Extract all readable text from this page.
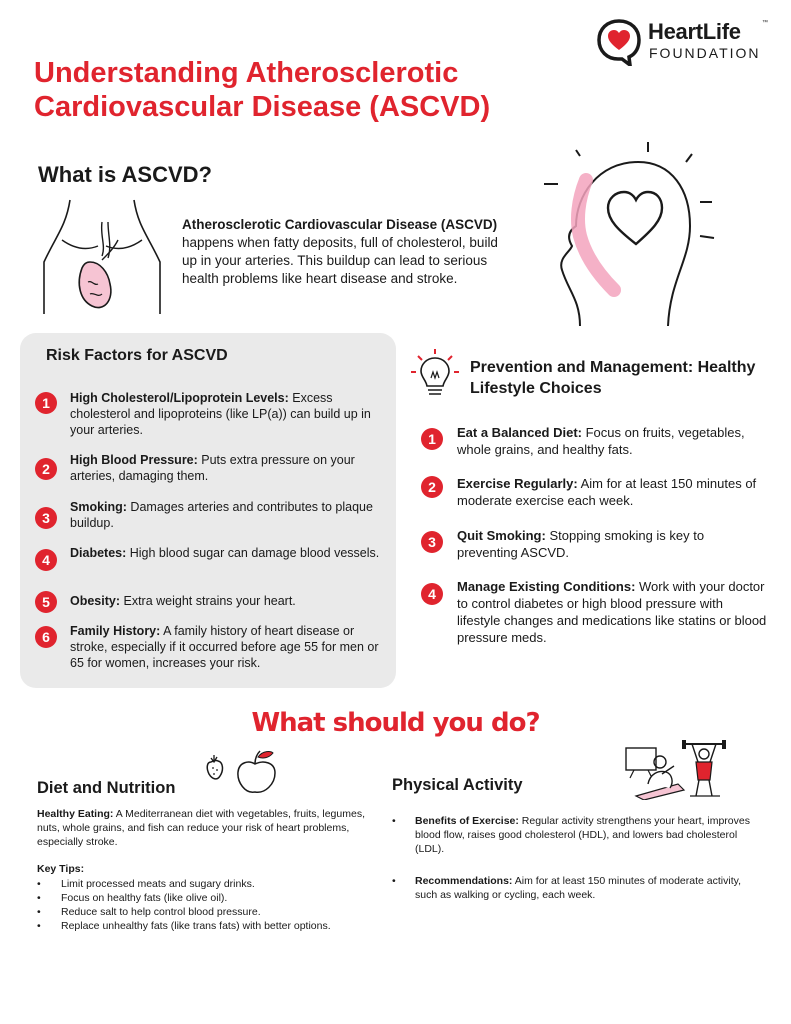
HeartLife	™
FOUNDATION
Understanding Atherosclerotic Cardiovascular Disease (ASCVD)
What is ASCVD?

Atherosclerotic Cardiovascular Disease (ASCVD) happens when fatty deposits, full of cholesterol, build up in your arteries. This buildup can lead to serious health problems like heart disease and stroke.

Risk Factors for ASCVD
1	High Cholesterol/Lipoprotein Levels: Excess cholesterol and lipoproteins (like LP(a)) can build up in your arteries.

2

High Blood Pressure: Puts extra pressure on your arteries, damaging them.

3

Smoking: Damages arteries and contributes to plaque buildup.

4	Diabetes: High blood sugar can damage blood vessels.

5	Obesity: Extra weight strains your heart.

6	Family History: A family history of heart disease or stroke, especially if it occurred before age 55 for men or 65 for women, increases your risk.

Prevention and Management: Healthy Lifestyle Choices
1	Eat a Balanced Diet: Focus on fruits, vegetables, whole grains, and healthy fats.

2	Exercise Regularly: Aim for at least 150 minutes of moderate exercise each week.

3	Quit Smoking: Stopping smoking is key to preventing ASCVD.

4	Manage Existing Conditions: Work with your doctor to control diabetes or high blood pressure with lifestyle changes and medications like statins or blood pressure meds.

What should you do?
Diet and Nutrition

Healthy Eating: A Mediterranean diet with vegetables, fruits, legumes, nuts, whole grains, and fish can reduce your risk of heart problems, especially stroke.

Key Tips:

• Limit processed meats and sugary drinks.
• Focus on healthy fats (like olive oil).
• Reduce salt to help control blood pressure.
• Replace unhealthy fats (like trans fats) with better options.
Physical Activity
• Benefits of Exercise: Regular activity strengthens your heart, improves blood flow, raises good cholesterol (HDL), and lowers bad cholesterol (LDL).
• Recommendations: Aim for at least 150 minutes of moderate activity, such as walking or cycling, each week.
